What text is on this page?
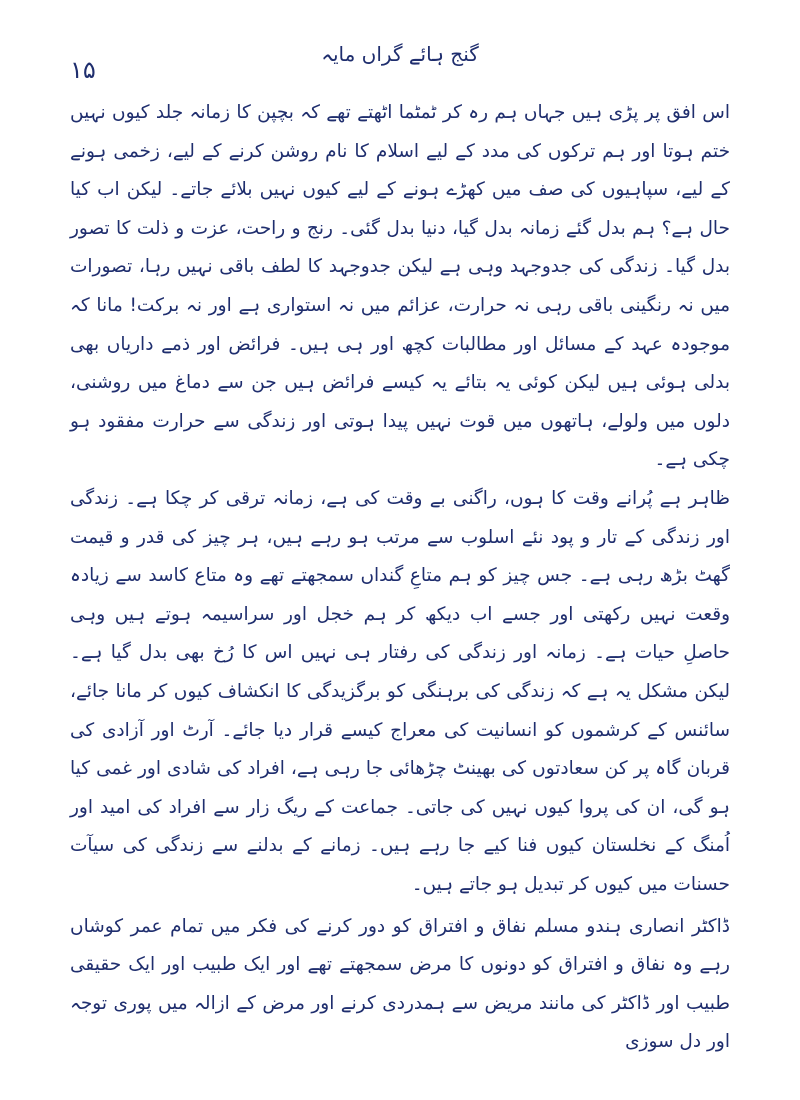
گنج ہائے گراں مایہ
۱۵

اس افق پر پڑی ہیں جہاں ہم رہ کر ٹمٹما اٹھتے تھے کہ بچپن کا زمانہ جلد کیوں نہیں ختم ہوتا اور ہم ترکوں کی مدد کے لیے اسلام کا نام روشن کرنے کے لیے، زخمی ہونے کے لیے، سپاہیوں کی صف میں کھڑے ہونے کے لیے کیوں نہیں بلائے جاتے۔ لیکن اب کیا حال ہے؟ ہم بدل گئے زمانہ بدل گیا، دنیا بدل گئی۔ رنج و راحت، عزت و ذلت کا تصور بدل گیا۔ زندگی کی جدوجہد وہی ہے لیکن جدوجہد کا لطف باقی نہیں رہا، تصورات میں نہ رنگینی باقی رہی نہ حرارت، عزائم میں نہ استواری ہے اور نہ برکت! مانا کہ موجودہ عہد کے مسائل اور مطالبات کچھ اور ہی ہیں۔ فرائض اور ذمے داریاں بھی بدلی ہوئی ہیں لیکن کوئی یہ بتائے یہ کیسے فرائض ہیں جن سے دماغ میں روشنی، دلوں میں ولولے، ہاتھوں میں قوت نہیں پیدا ہوتی اور زندگی سے حرارت مفقود ہو چکی ہے۔

ظاہر ہے پُرانے وقت کا ہوں، راگنی بے وقت کی ہے، زمانہ ترقی کر چکا ہے۔ زندگی اور زندگی کے تار و پود نئے اسلوب سے مرتب ہو رہے ہیں، ہر چیز کی قدر و قیمت گھٹ بڑھ رہی ہے۔ جس چیز کو ہم متاعِ گنداں سمجھتے تھے وہ متاع کاسد سے زیادہ وقعت نہیں رکھتی اور جسے اب دیکھ کر ہم خجل اور سراسیمہ ہوتے ہیں وہی حاصلِ حیات ہے۔ زمانہ اور زندگی کی رفتار ہی نہیں اس کا رُخ بھی بدل گیا ہے۔ لیکن مشکل یہ ہے کہ زندگی کی برہنگی کو برگزیدگی کا انکشاف کیوں کر مانا جائے، سائنس کے کرشموں کو انسانیت کی معراج کیسے قرار دیا جائے۔ آرٹ اور آزادی کی قربان گاہ پر کن سعادتوں کی بھینٹ چڑھائی جا رہی ہے، افراد کی شادی اور غمی کیا ہو گی، ان کی پروا کیوں نہیں کی جاتی۔ جماعت کے ریگ زار سے افراد کی امید اور اُمنگ کے نخلستان کیوں فنا کیے جا رہے ہیں۔ زمانے کے بدلنے سے زندگی کی سیآت حسنات میں کیوں کر تبدیل ہو جاتے ہیں۔

ڈاکٹر انصاری ہندو مسلم نفاق و افتراق کو دور کرنے کی فکر میں تمام عمر کوشاں رہے وہ نفاق و افتراق کو دونوں کا مرض سمجھتے تھے اور ایک طبیب اور ایک حقیقی طبیب اور ڈاکٹر کی مانند مریض سے ہمدردی کرنے اور مرض کے ازالہ میں پوری توجہ اور دل سوزی
